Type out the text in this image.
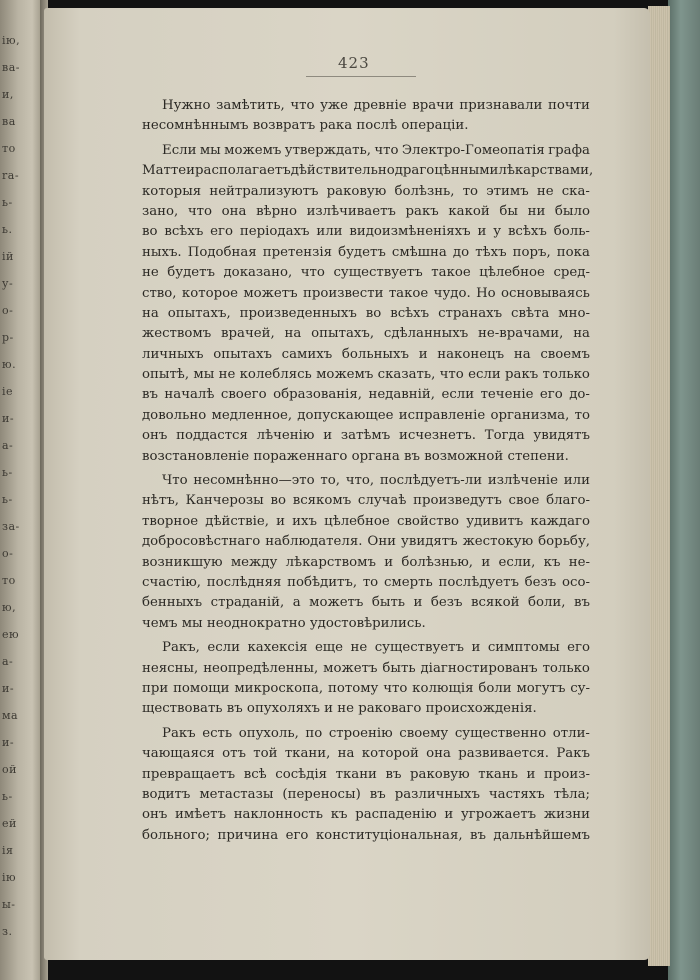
ію,
ва-
и,
ва
то
ra-
ь-
ь.
ій
у-
о-
р-
ю.
ie
и-
а-
ь-
ь-
за-
о-
то
ю,
ею
а-
и-
ма
и-
ой
ь-
ей
ія
ію
ы-
з.
423
Нужно замѣтить, что уже древніе врачи признавали почти
несомнѣннымъ возвратъ рака послѣ операціи.
Если мы можемъ утверждать, что Электро-Гомеопатія графа
Маттеи располагаетъ дѣйствительно драгоцѣнными лѣкарствами,
которыя нейтрализуютъ раковую болѣзнь, то этимъ не ска-
зано, что она вѣрно излѣчиваетъ ракъ какой бы ни было
во всѣхъ его періодахъ или видоизмѣненіяхъ и у всѣхъ боль-
ныхъ. Подобная претензія будетъ смѣшна до тѣхъ поръ, пока
не будетъ доказано, что существуетъ такое цѣлебное сред-
ство, которое можетъ произвести такое чудо. Но основываясь
на опытахъ, произведенныхъ во всѣхъ странахъ свѣта мно-
жествомъ врачей, на опытахъ, сдѣланныхъ не-врачами, на
личныхъ опытахъ самихъ больныхъ и наконецъ на своемъ
опытѣ, мы не колеблясь можемъ сказать, что если ракъ только
въ началѣ своего образованія, недавній, если теченіе его до-
довольно медленное, допускающее исправленіе организма, то
онъ поддастся лѣченію и затѣмъ исчезнетъ. Тогда увидятъ
возстановленіе пораженнаго органа въ возможной степени.
Что несомнѣнно—это то, что, послѣдуетъ-ли излѣченіе или
нѣтъ, Канчерозы во всякомъ случаѣ произведутъ свое благо-
творное дѣйствіе, и ихъ цѣлебное свойство удивитъ каждаго
добросовѣстнаго наблюдателя. Они увидятъ жестокую борьбу,
возникшую между лѣкарствомъ и болѣзнью, и если, къ не-
счастію, послѣдняя побѣдитъ, то смерть послѣдуетъ безъ осо-
бенныхъ страданій, а можетъ быть и безъ всякой боли, въ
чемъ мы неоднократно удостовѣрились.
Ракъ, если кахексія еще не существуетъ и симптомы его
неясны, неопредѣленны, можетъ быть діагностированъ только
при помощи микроскопа, потому что колющія боли могутъ су-
ществовать въ опухоляхъ и не раковаго происхожденія.
Ракъ есть опухоль, по строенію своему существенно отли-
чающаяся отъ той ткани, на которой она развивается. Ракъ
превращаетъ всѣ сосѣдія ткани въ раковую ткань и произ-
водитъ метастазы (переносы) въ различныхъ частяхъ тѣла;
онъ имѣетъ наклонность къ распаденію и угрожаетъ жизни
больного; причина его конституціональная, въ дальнѣйшемъ
